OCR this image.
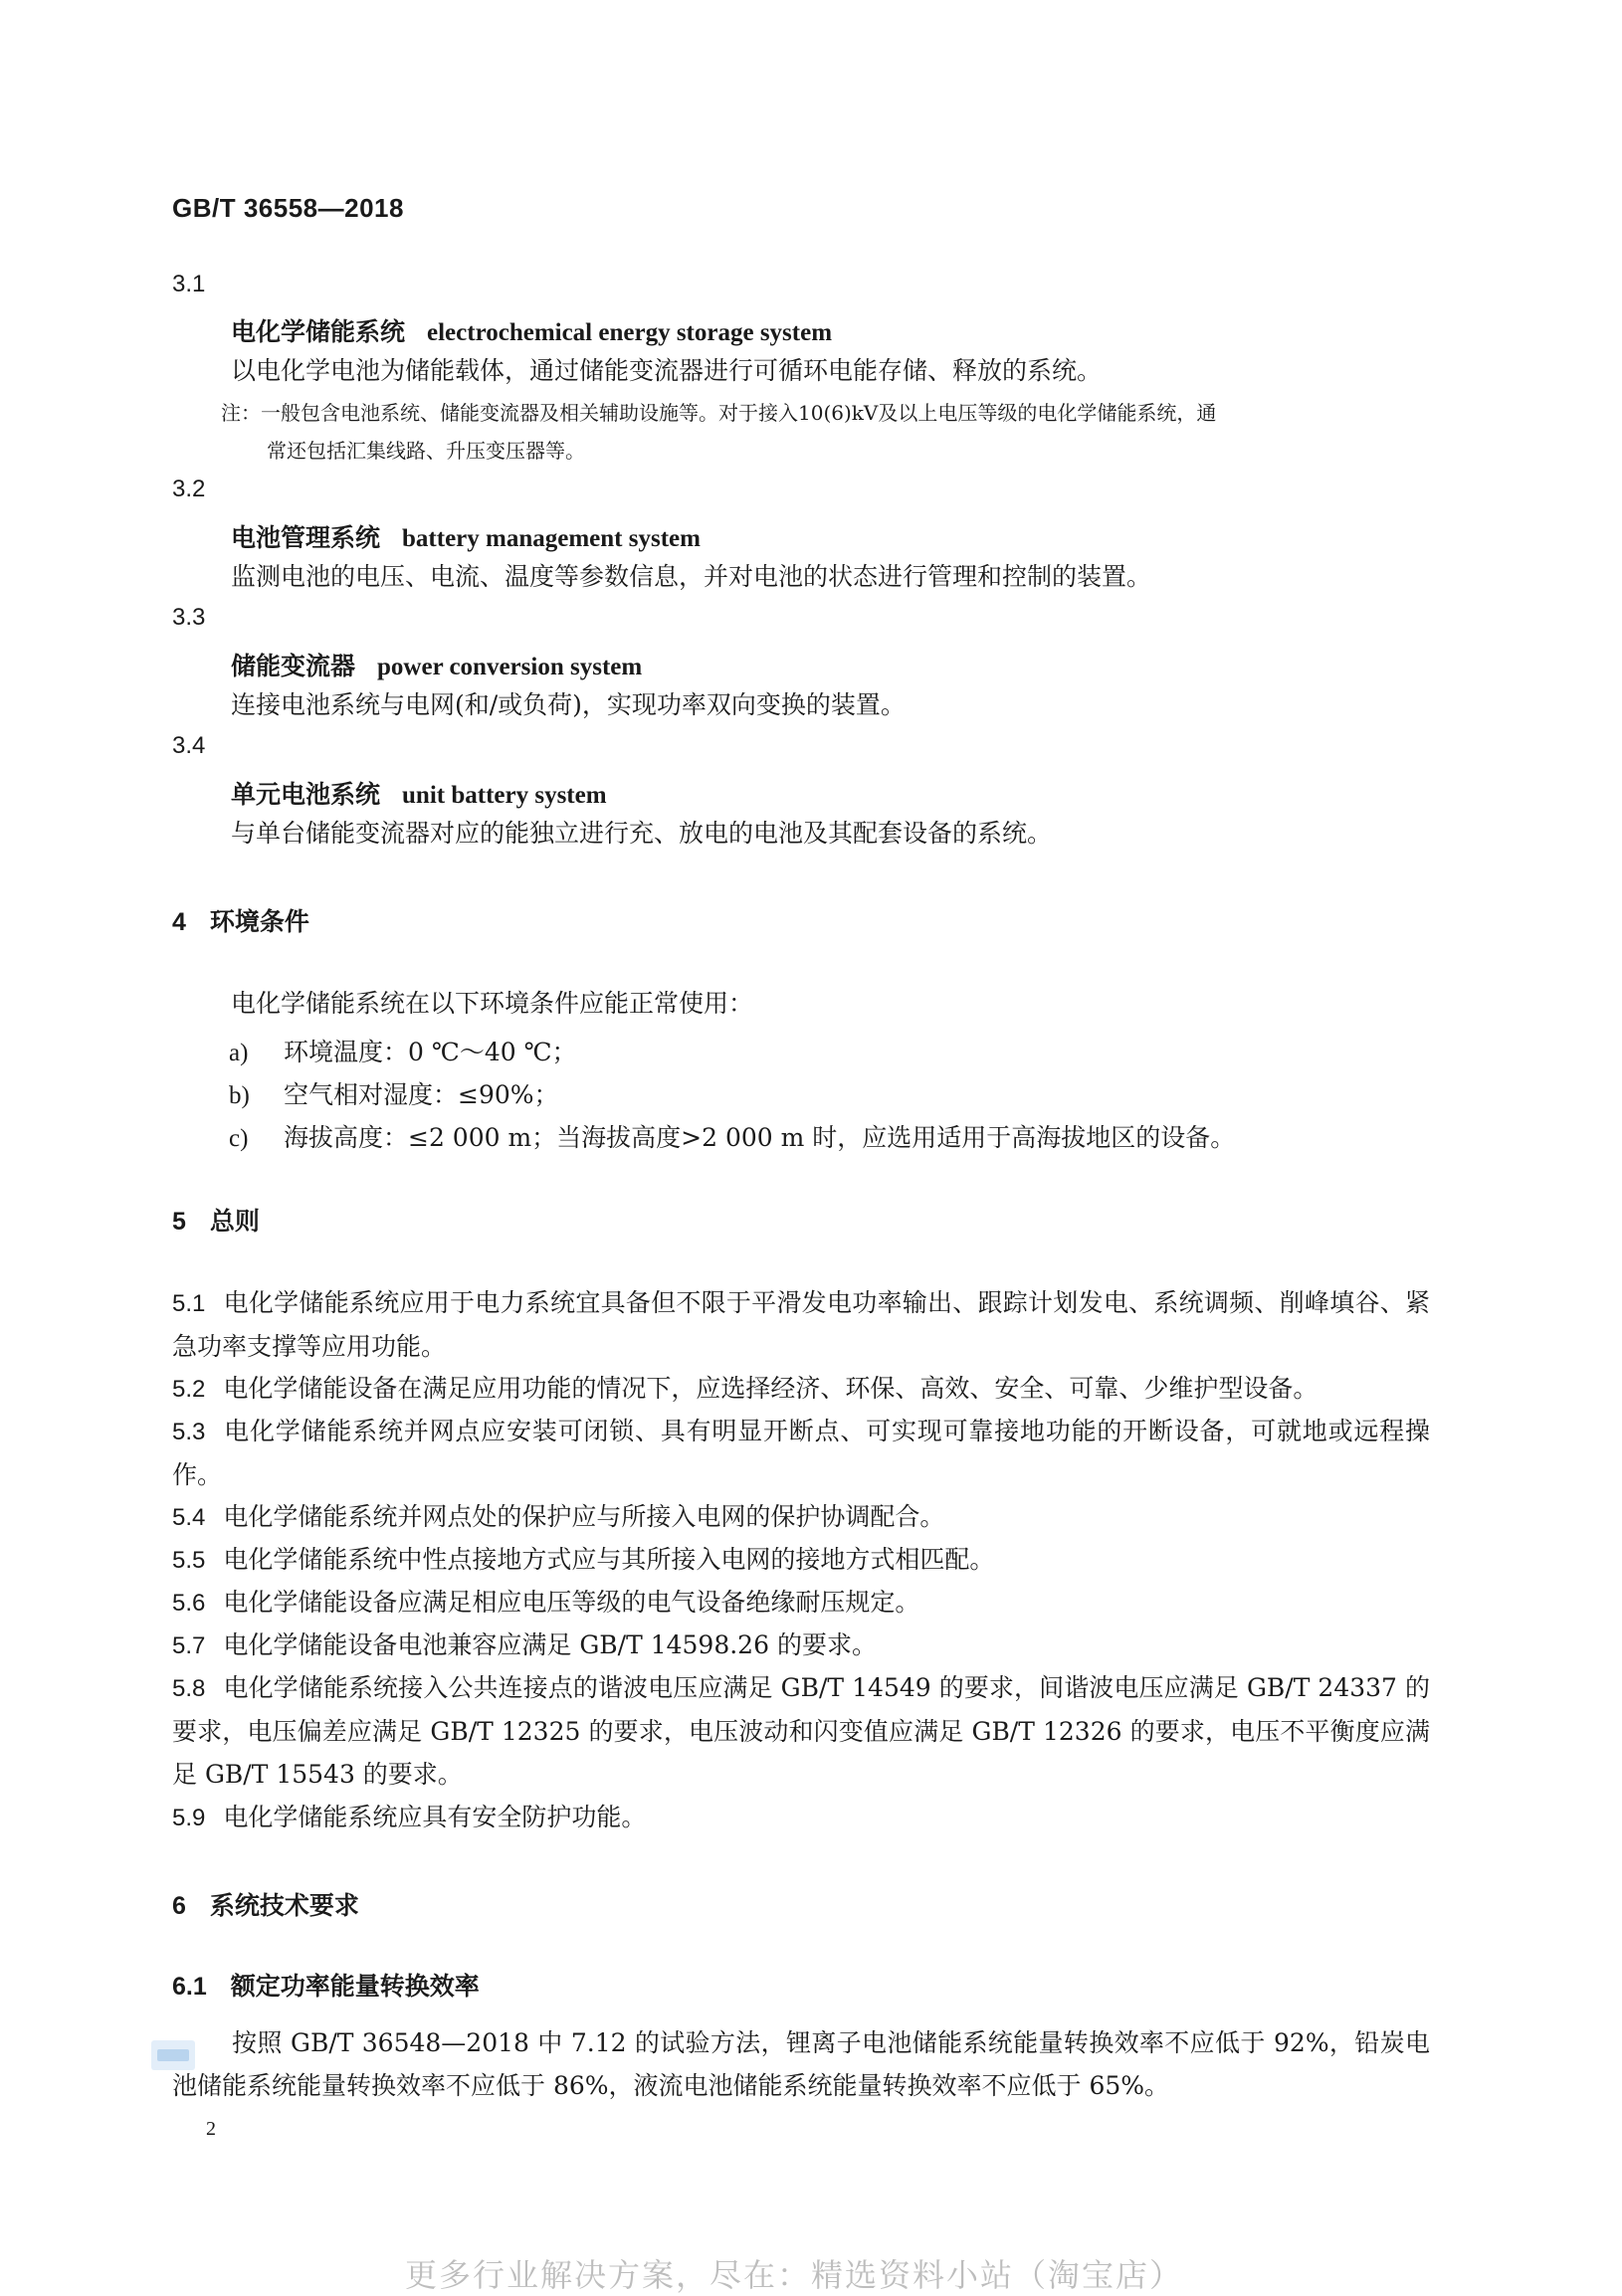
GB/T 36558—2018
3.1
电化学储能系统 electrochemical energy storage system
以电化学电池为储能载体，通过储能变流器进行可循环电能存储、释放的系统。
注：一般包含电池系统、储能变流器及相关辅助设施等。对于接入10(6)kV及以上电压等级的电化学储能系统，通
常还包括汇集线路、升压变压器等。
3.2
电池管理系统 battery management system
监测电池的电压、电流、温度等参数信息，并对电池的状态进行管理和控制的装置。
3.3
储能变流器 power conversion system
连接电池系统与电网(和/或负荷)，实现功率双向变换的装置。
3.4
单元电池系统 unit battery system
与单台储能变流器对应的能独立进行充、放电的电池及其配套设备的系统。
4 环境条件
电化学储能系统在以下环境条件应能正常使用：
a) 环境温度：0 ℃～40 ℃；
b) 空气相对湿度：≤90%；
c) 海拔高度：≤2 000 m；当海拔高度>2 000 m 时，应选用适用于高海拔地区的设备。
5 总则
5.1 电化学储能系统应用于电力系统宜具备但不限于平滑发电功率输出、跟踪计划发电、系统调频、削峰填谷、紧急功率支撑等应用功能。
5.2 电化学储能设备在满足应用功能的情况下，应选择经济、环保、高效、安全、可靠、少维护型设备。
5.3 电化学储能系统并网点应安装可闭锁、具有明显开断点、可实现可靠接地功能的开断设备，可就地或远程操作。
5.4 电化学储能系统并网点处的保护应与所接入电网的保护协调配合。
5.5 电化学储能系统中性点接地方式应与其所接入电网的接地方式相匹配。
5.6 电化学储能设备应满足相应电压等级的电气设备绝缘耐压规定。
5.7 电化学储能设备电池兼容应满足 GB/T 14598.26 的要求。
5.8 电化学储能系统接入公共连接点的谐波电压应满足 GB/T 14549 的要求，间谐波电压应满足 GB/T 24337 的要求，电压偏差应满足 GB/T 12325 的要求，电压波动和闪变值应满足 GB/T 12326 的要求，电压不平衡度应满足 GB/T 15543 的要求。
5.9 电化学储能系统应具有安全防护功能。
6 系统技术要求
6.1 额定功率能量转换效率
按照 GB/T 36548—2018 中 7.12 的试验方法，锂离子电池储能系统能量转换效率不应低于 92%，铅炭电池储能系统能量转换效率不应低于 86%，液流电池储能系统能量转换效率不应低于 65%。
2
更多行业解决方案，尽在：精选资料小站（淘宝店）
